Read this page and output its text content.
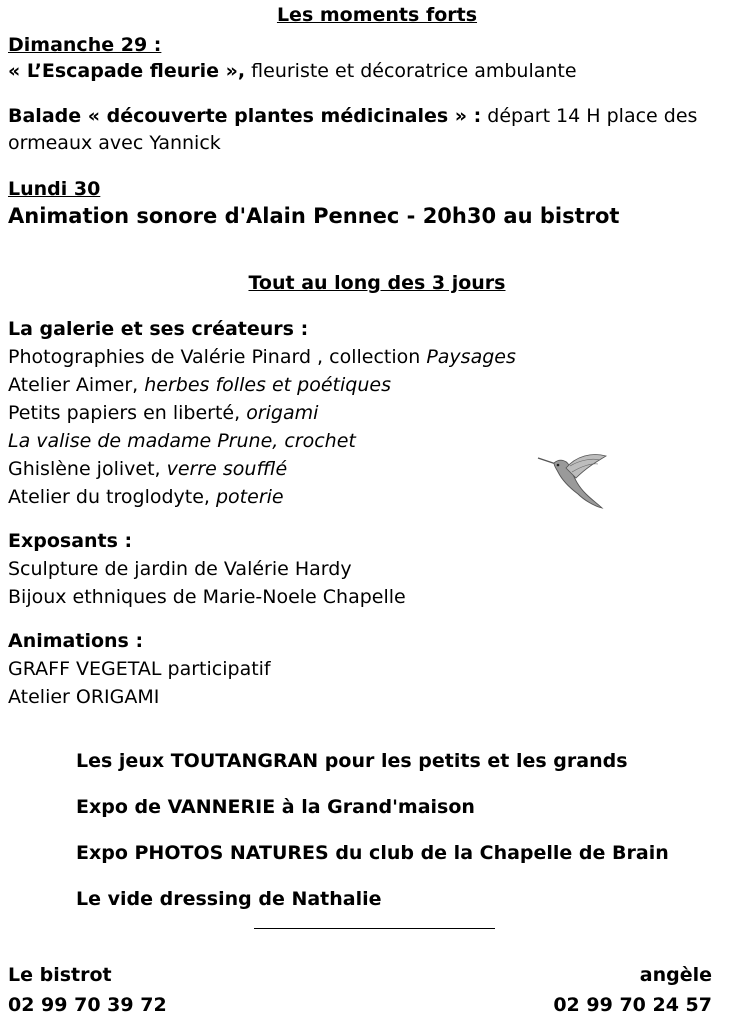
Les moments forts
Dimanche 29 :
« L’Escapade fleurie », fleuriste et décoratrice ambulante
Balade « découverte plantes médicinales » : départ 14 H place des
ormeaux avec Yannick
Lundi 30
Animation sonore d'Alain Pennec - 20h30 au bistrot
Tout au long des 3 jours
La galerie et ses créateurs :
Photographies de Valérie Pinard , collection Paysages
Atelier Aimer, herbes folles et poétiques
Petits papiers en liberté, origami
La valise de madame Prune, crochet
Ghislène jolivet, verre soufflé
Atelier du troglodyte, poterie
Exposants :
Sculpture de jardin de Valérie Hardy
Bijoux ethniques de Marie-Noele Chapelle
Animations :
GRAFF VEGETAL participatif
Atelier ORIGAMI
Les jeux TOUTANGRAN pour les petits et les grands
Expo de VANNERIE à la Grand'maison
Expo PHOTOS NATURES du club de la Chapelle de Brain
Le vide dressing de Nathalie
Le bistrot
02 99 70 39 72
angèle
02 99 70 24 57
